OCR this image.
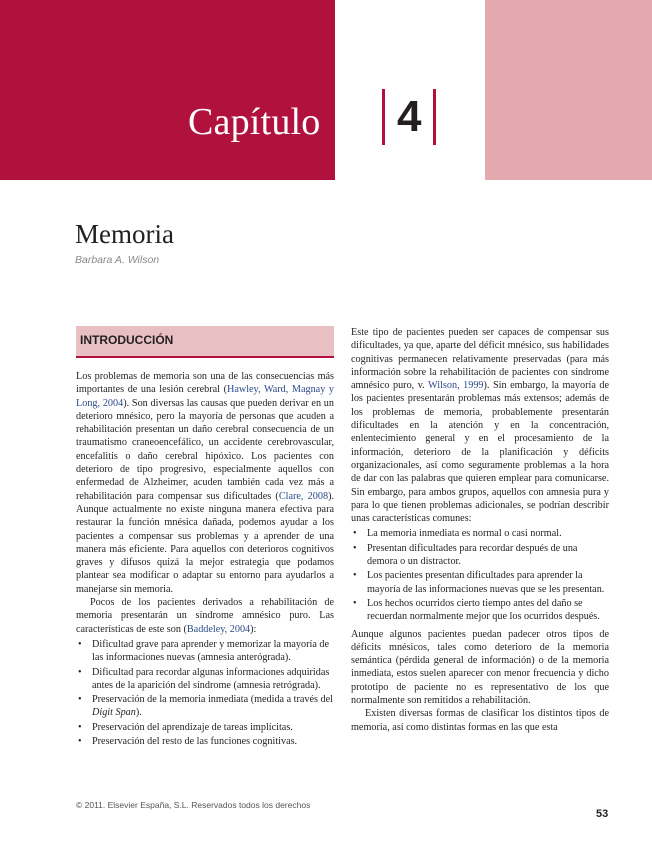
Capítulo 4
Memoria
Barbara A. Wilson
INTRODUCCIÓN

Los problemas de memoria son una de las consecuencias más importantes de una lesión cerebral (Hawley, Ward, Magnay y Long, 2004). Son diversas las causas que pueden derivar en un deterioro mnésico, pero la mayoría de personas que acuden a rehabilitación presentan un daño cerebral consecuencia de un traumatismo craneoencefálico, un accidente cerebrovascular, encefalitis o daño cerebral hipóxico. Los pacientes con deterioro de tipo progresivo, especialmente aquellos con enfermedad de Alzheimer, acuden también cada vez más a rehabilitación para compensar sus dificultades (Clare, 2008). Aunque actualmente no existe ninguna manera efectiva para restaurar la función mnésica dañada, podemos ayudar a los pacientes a compensar sus problemas y a aprender de una manera más eficiente. Para aquellos con deterioros cognitivos graves y difusos quizá la mejor estrategia que podamos plantear sea modificar o adaptar su entorno para ayudarlos a manejarse sin memoria.

Pocos de los pacientes derivados a rehabilitación de memoria presentarán un síndrome amnésico puro. Las características de este son (Baddeley, 2004):

• Dificultad grave para aprender y memorizar la mayoría de las informaciones nuevas (amnesia anterógrada).
• Dificultad para recordar algunas informaciones adquiridas antes de la aparición del síndrome (amnesia retrógrada).
• Preservación de la memoria inmediata (medida a través del Digit Span).
• Preservación del aprendizaje de tareas implícitas.
• Preservación del resto de las funciones cognitivas.

Este tipo de pacientes pueden ser capaces de compensar sus dificultades, ya que, aparte del déficit mnésico, sus habilidades cognitivas permanecen relativamente preservadas (para más información sobre la rehabilitación de pacientes con síndrome amnésico puro, v. Wilson, 1999). Sin embargo, la mayoría de los pacientes presentarán problemas más extensos; además de los problemas de memoria, probablemente presentarán dificultades en la atención y en la concentración, enlentecimiento general y en el procesamiento de la información, deterioro de la planificación y déficits organizacionales, así como seguramente problemas a la hora de dar con las palabras que quieren emplear para comunicarse. Sin embargo, para ambos grupos, aquellos con amnesia pura y para lo que tienen problemas adicionales, se podrían describir unas características comunes:

• La memoria inmediata es normal o casi normal.
• Presentan dificultades para recordar después de una demora o un distractor.
• Los pacientes presentan dificultades para aprender la mayoría de las informaciones nuevas que se les presentan.
• Los hechos ocurridos cierto tiempo antes del daño se recuerdan normalmente mejor que los ocurridos después.

Aunque algunos pacientes puedan padecer otros tipos de déficits mnésicos, tales como deterioro de la memoria semántica (pérdida general de información) o de la memoria inmediata, estos suelen aparecer con menor frecuencia y dicho prototipo de paciente no es representativo de los que normalmente son remitidos a rehabilitación.

Existen diversas formas de clasificar los distintos tipos de memoria, así como distintas formas en las que esta

© 2011. Elsevier España, S.L. Reservados todos los derechos
53
